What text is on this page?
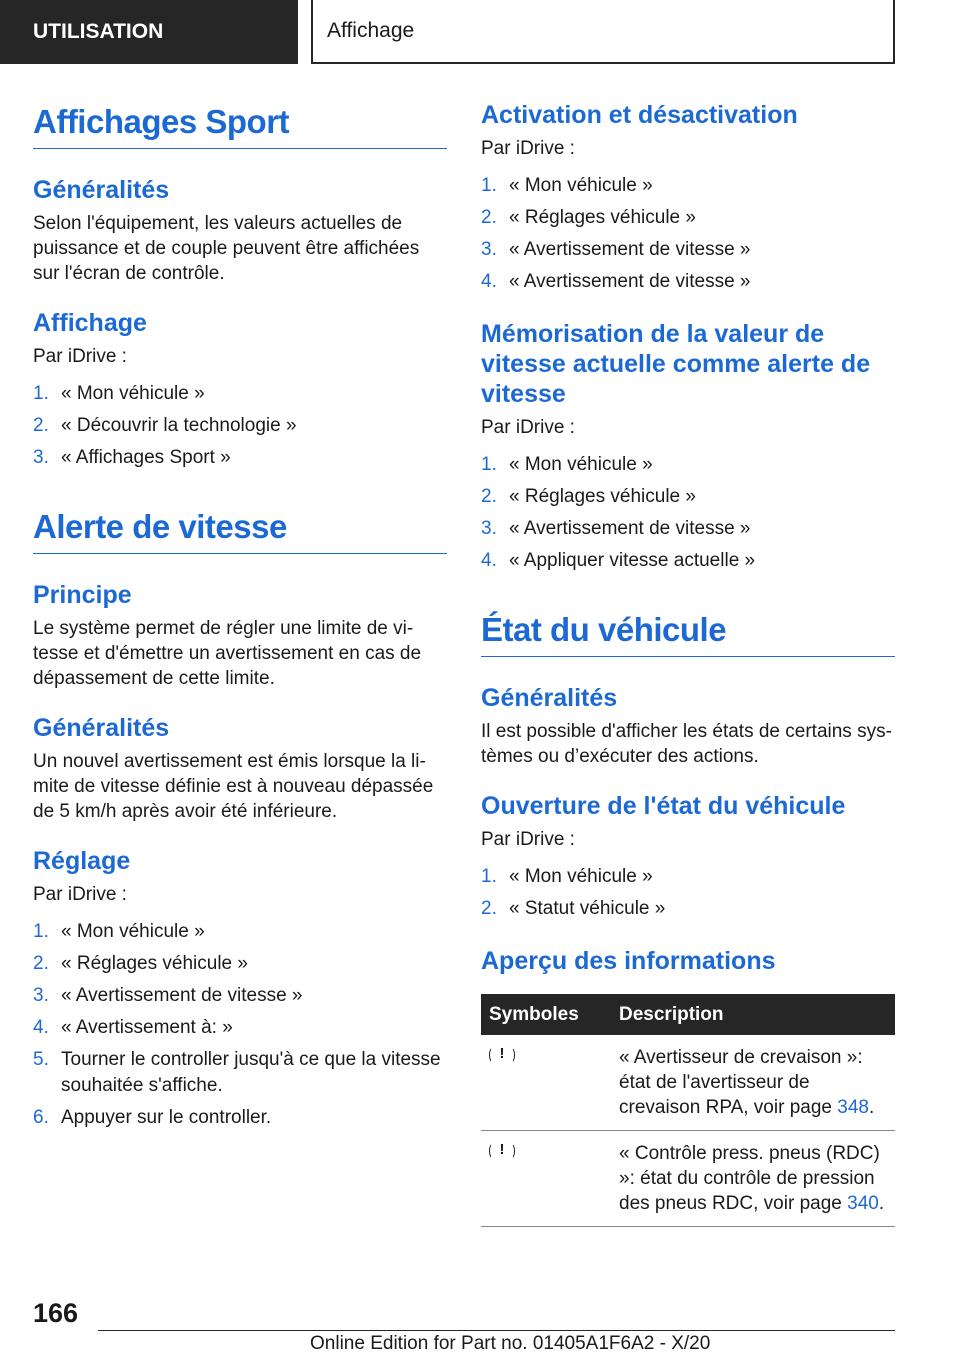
UTILISATION	Affichage
Affichages Sport
Généralités

Selon l'équipement, les valeurs actuelles de puissance et de couple peuvent être affichées sur l'écran de contrôle.

Affichage

Par iDrive :

1. « Mon véhicule »
2. « Découvrir la technologie »
3. « Affichages Sport »
Alerte de vitesse
Principe

Le système permet de régler une limite de vi-tesse et d'émettre un avertissement en cas de dépassement de cette limite.

Généralités

Un nouvel avertissement est émis lorsque la li-mite de vitesse définie est à nouveau dépassée de 5 km/h après avoir été inférieure.

Réglage

Par iDrive :

1. « Mon véhicule »
2. « Réglages véhicule »
3. « Avertissement de vitesse »
4. « Avertissement à: »
5. Tourner le controller jusqu'à ce que la vitesse souhaitée s'affiche.
6. Appuyer sur le controller.
Activation et désactivation

Par iDrive :

1. « Mon véhicule »
2. « Réglages véhicule »
3. « Avertissement de vitesse »
4. « Avertissement de vitesse »
Mémorisation de la valeur de vitesse actuelle comme alerte de vitesse

Par iDrive :

1. « Mon véhicule »
2. « Réglages véhicule »
3. « Avertissement de vitesse »
4. « Appliquer vitesse actuelle »
État du véhicule
Généralités

Il est possible d'afficher les états de certains sys-tèmes ou d’exécuter des actions.

Ouverture de l'état du véhicule

Par iDrive :

1. « Mon véhicule »
2. « Statut véhicule »
Aperçu des informations
Symboles	Description

!	« Avertisseur de crevaison »: état de l'avertisseur de crevaison RPA, voir page 348.

!	« Contrôle press. pneus (RDC) »: état du contrôle de pression des pneus RDC, voir page 340.
166
Online Edition for Part no. 01405A1F6A2 - X/20
